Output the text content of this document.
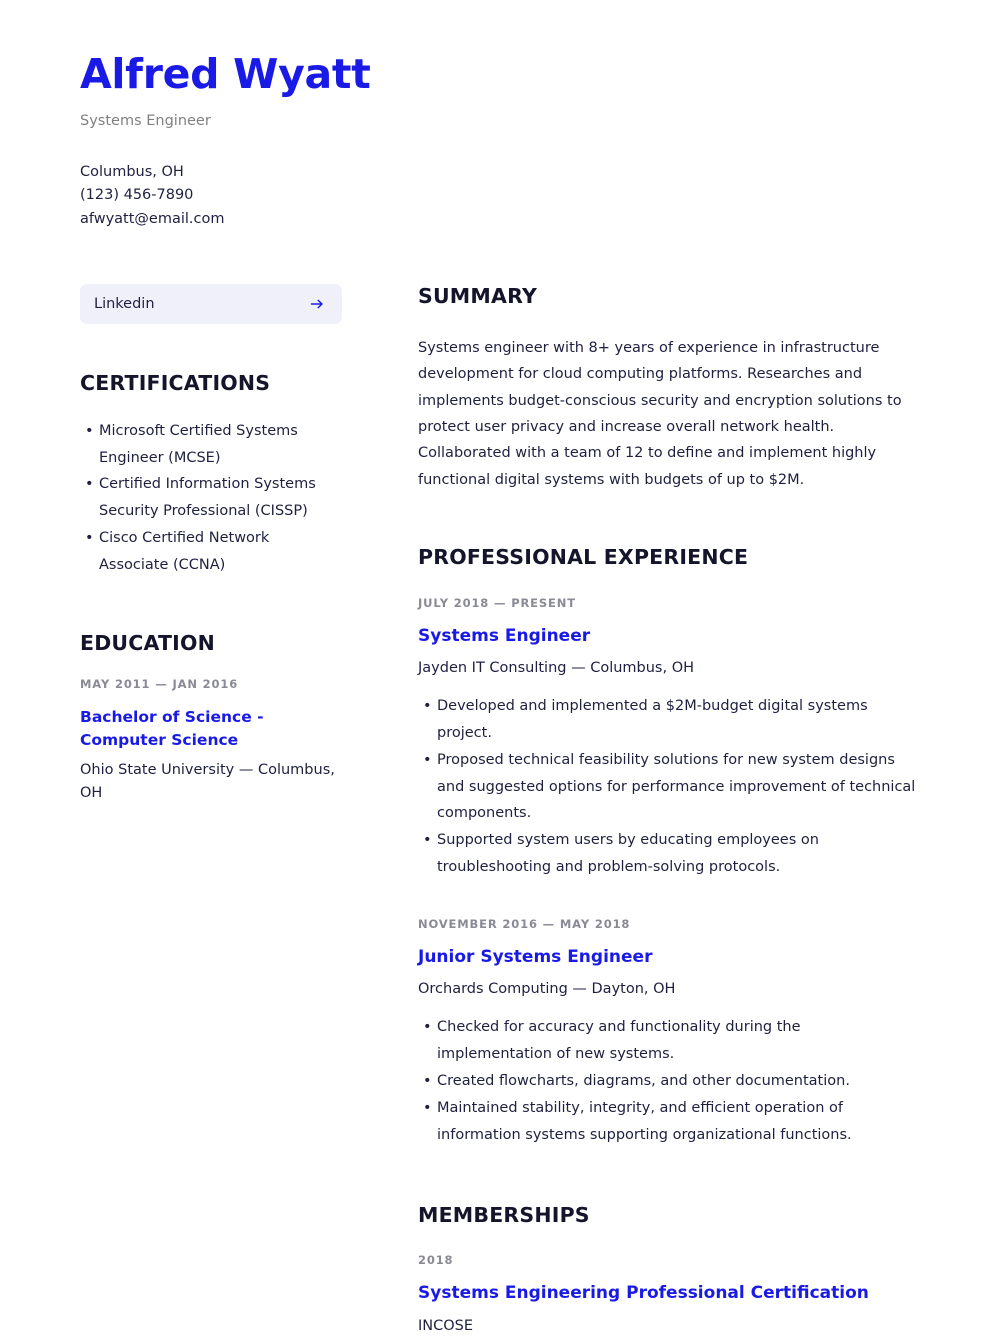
Alfred Wyatt
Systems Engineer
Columbus, OH
(123) 456-7890
afwyatt@email.com
Linkedin
CERTIFICATIONS
• Microsoft Certified Systems Engineer (MCSE)
• Certified Information Systems Security Professional (CISSP)
• Cisco Certified Network Associate (CCNA)
EDUCATION
MAY 2011 — JAN 2016
Bachelor of Science - Computer Science
Ohio State University — Columbus, OH
SUMMARY

Systems engineer with 8+ years of experience in infrastructure development for cloud computing platforms. Researches and implements budget-conscious security and encryption solutions to protect user privacy and increase overall network health. Collaborated with a team of 12 to define and implement highly functional digital systems with budgets of up to $2M.

PROFESSIONAL EXPERIENCE
JULY 2018 — PRESENT
Systems Engineer
Jayden IT Consulting — Columbus, OH
• Developed and implemented a $2M-budget digital systems project.
• Proposed technical feasibility solutions for new system designs and suggested options for performance improvement of technical components.
• Supported system users by educating employees on troubleshooting and problem-solving protocols.
NOVEMBER 2016 — MAY 2018
Junior Systems Engineer
Orchards Computing — Dayton, OH
• Checked for accuracy and functionality during the implementation of new systems.
• Created flowcharts, diagrams, and other documentation.
• Maintained stability, integrity, and efficient operation of information systems supporting organizational functions.
MEMBERSHIPS
2018
Systems Engineering Professional Certification
INCOSE
